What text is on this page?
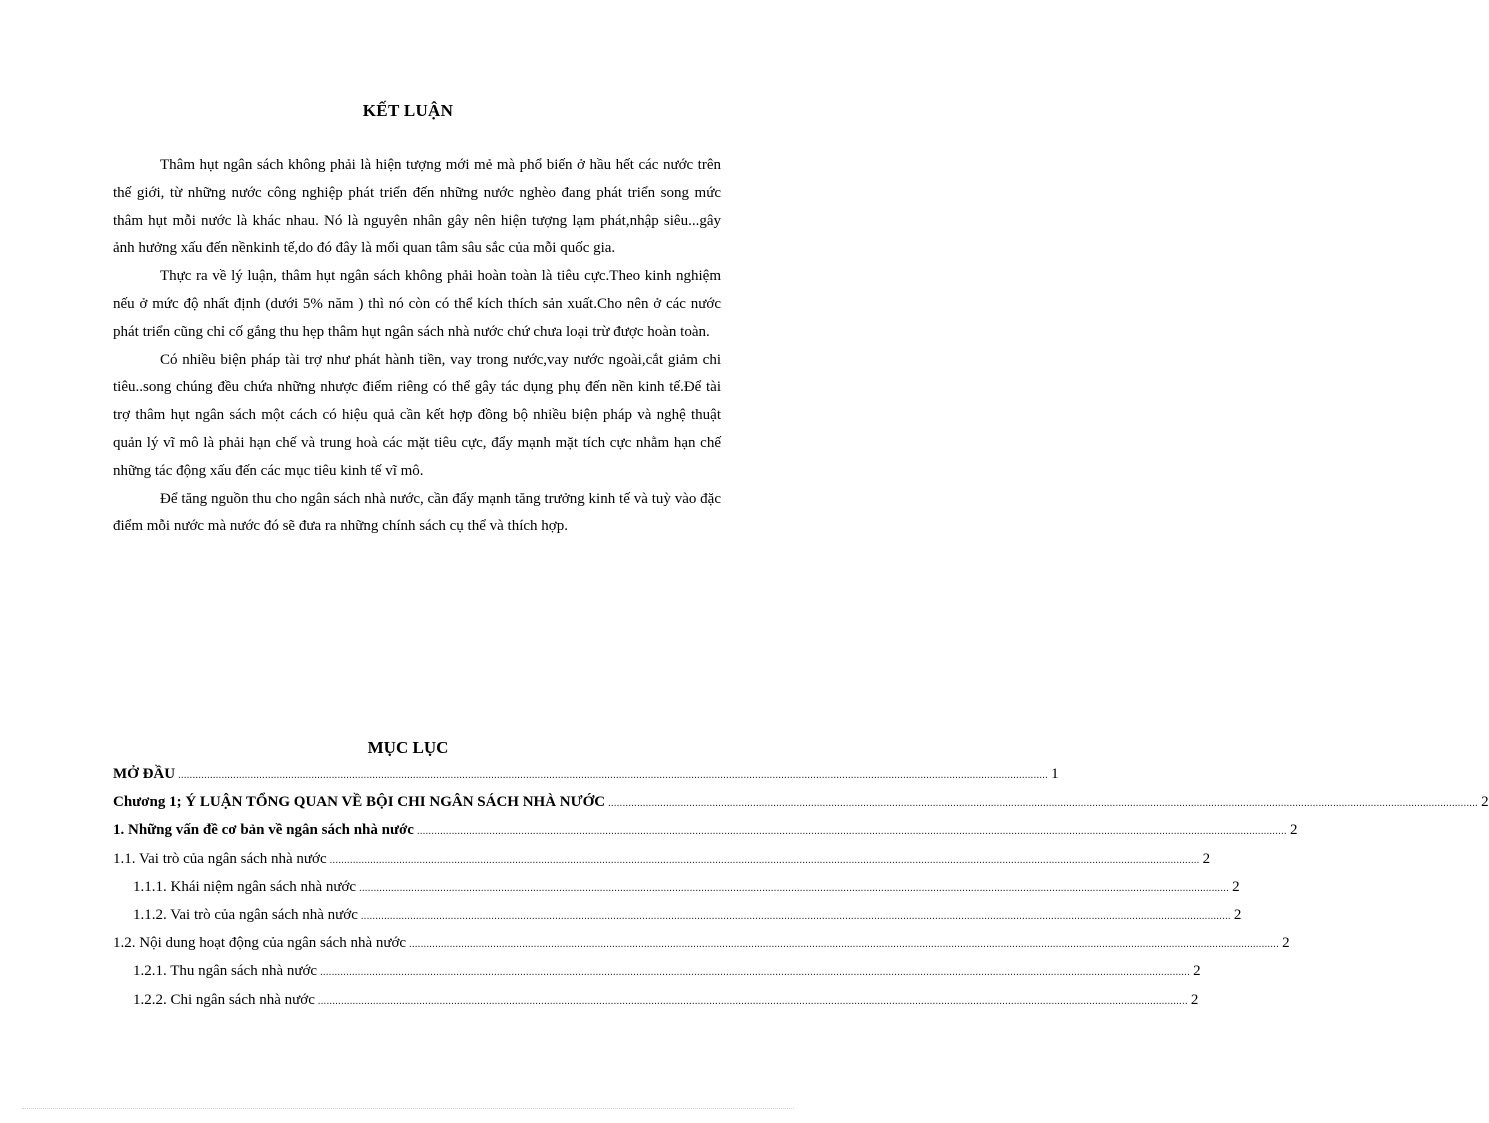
KẾT LUẬN

Thâm hụt ngân sách không phải là hiện tượng mới mẻ mà phổ biến ở hầu hết các nước trên thế giới, từ những nước công nghiệp phát triển đến những nước nghèo đang phát triển song mức thâm hụt mỗi nước là khác nhau. Nó là nguyên nhân gây nên hiện tượng lạm phát,nhập siêu...gây ảnh hưởng xấu đến nềnkinh tế,do đó đây là mối quan tâm sâu sắc của mỗi quốc gia.

Thực ra về lý luận, thâm hụt ngân sách không phải hoàn toàn là tiêu cực.Theo kinh nghiệm nếu ở mức độ nhất định (dưới 5% năm ) thì nó còn có thể kích thích sản xuất.Cho nên ở các nước phát triển cũng chỉ cố gắng thu hẹp thâm hụt ngân sách nhà nước chứ chưa loại trừ được hoàn toàn.

Có nhiều biện pháp tài trợ như phát hành tiền, vay trong nước,vay nước ngoài,cắt giảm chi tiêu..song chúng đều chứa những nhược điểm riêng có thể gây tác dụng phụ đến nền kinh tế.Để tài trợ thâm hụt ngân sách một cách có hiệu quả cần kết hợp đồng bộ nhiều biện pháp và nghệ thuật quản lý vĩ mô là phải hạn chế và trung hoà các mặt tiêu cực, đẩy mạnh mặt tích cực nhằm hạn chế những tác động xấu đến các mục tiêu kinh tế vĩ mô.

Để tăng nguồn thu cho ngân sách nhà nước, cần đẩy mạnh tăng trưởng kinh tế và tuỳ vào đặc điểm mỗi nước mà nước đó sẽ đưa ra những chính sách cụ thể và thích hợp.

MỤC LỤC
MỞ ĐẦU ............................................................................................................................................................................................................................................................................................................ 1
Chương 1; Ý LUẬN TỔNG QUAN VỀ BỘI CHI NGÂN SÁCH NHÀ NƯỚC ............................................................................................................................................................................................................................................................................................................ 2
1. Những vấn đề cơ bản về ngân sách nhà nước ............................................................................................................................................................................................................................................................................................................ 2
1.1. Vai trò của ngân sách nhà nước ............................................................................................................................................................................................................................................................................................................ 2
1.1.1. Khái niệm ngân sách nhà nước ............................................................................................................................................................................................................................................................................................................ 2
1.1.2. Vai trò của ngân sách nhà nước ............................................................................................................................................................................................................................................................................................................ 2
1.2. Nội dung hoạt động của ngân sách nhà nước ............................................................................................................................................................................................................................................................................................................ 2
1.2.1. Thu ngân sách nhà nước ............................................................................................................................................................................................................................................................................................................ 2
1.2.2. Chi ngân sách nhà nước ............................................................................................................................................................................................................................................................................................................ 2
